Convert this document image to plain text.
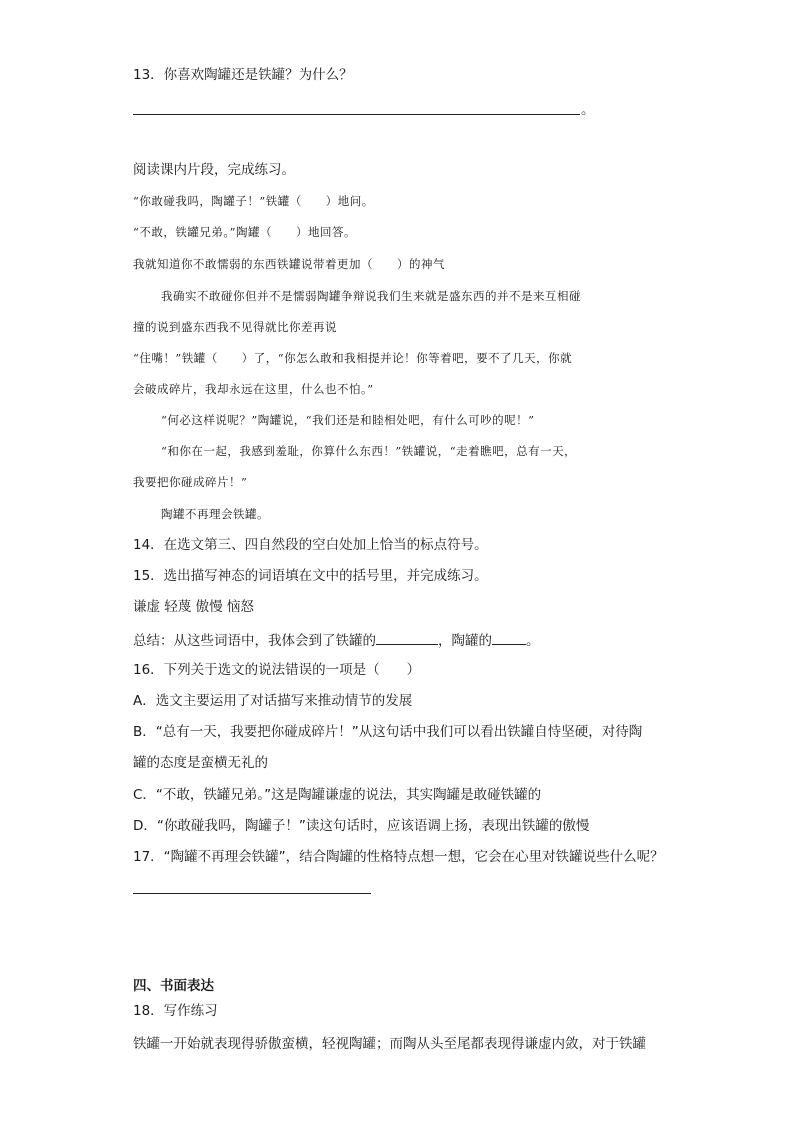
13．你喜欢陶罐还是铁罐？为什么？
。
阅读课内片段，完成练习。
“你敢碰我吗，陶罐子！”铁罐（　　）地问。
“不敢，铁罐兄弟。”陶罐（　　）地回答。
我就知道你不敢懦弱的东西铁罐说带着更加（　　）的神气
我确实不敢碰你但并不是懦弱陶罐争辩说我们生来就是盛东西的并不是来互相碰
撞的说到盛东西我不见得就比你差再说
“住嘴！”铁罐（　　）了，“你怎么敢和我相提并论！你等着吧，要不了几天，你就
会破成碎片，我却永远在这里，什么也不怕。”
“何必这样说呢？”陶罐说，“我们还是和睦相处吧，有什么可吵的呢！”
“和你在一起，我感到羞耻，你算什么东西！”铁罐说，“走着瞧吧，总有一天，
我要把你碰成碎片！”
陶罐不再理会铁罐。
14．在选文第三、四自然段的空白处加上恰当的标点符号。
15．选出描写神态的词语填在文中的括号里，并完成练习。
谦虚 轻蔑 傲慢 恼怒
总结：从这些词语中，我体会到了铁罐的	，陶罐的	。
16．下列关于选文的说法错误的一项是（　　）
A．选文主要运用了对话描写来推动情节的发展
B．“总有一天，我要把你碰成碎片！”从这句话中我们可以看出铁罐自恃坚硬，对待陶
罐的态度是蛮横无礼的
C．“不敢，铁罐兄弟。”这是陶罐谦虚的说法，其实陶罐是敢碰铁罐的
D．“你敢碰我吗，陶罐子！”读这句话时，应该语调上扬，表现出铁罐的傲慢
17．“陶罐不再理会铁罐”，结合陶罐的性格特点想一想，它会在心里对铁罐说些什么呢？
四、书面表达
18．写作练习
铁罐一开始就表现得骄傲蛮横，轻视陶罐；而陶从头至尾都表现得谦虚内敛，对于铁罐
